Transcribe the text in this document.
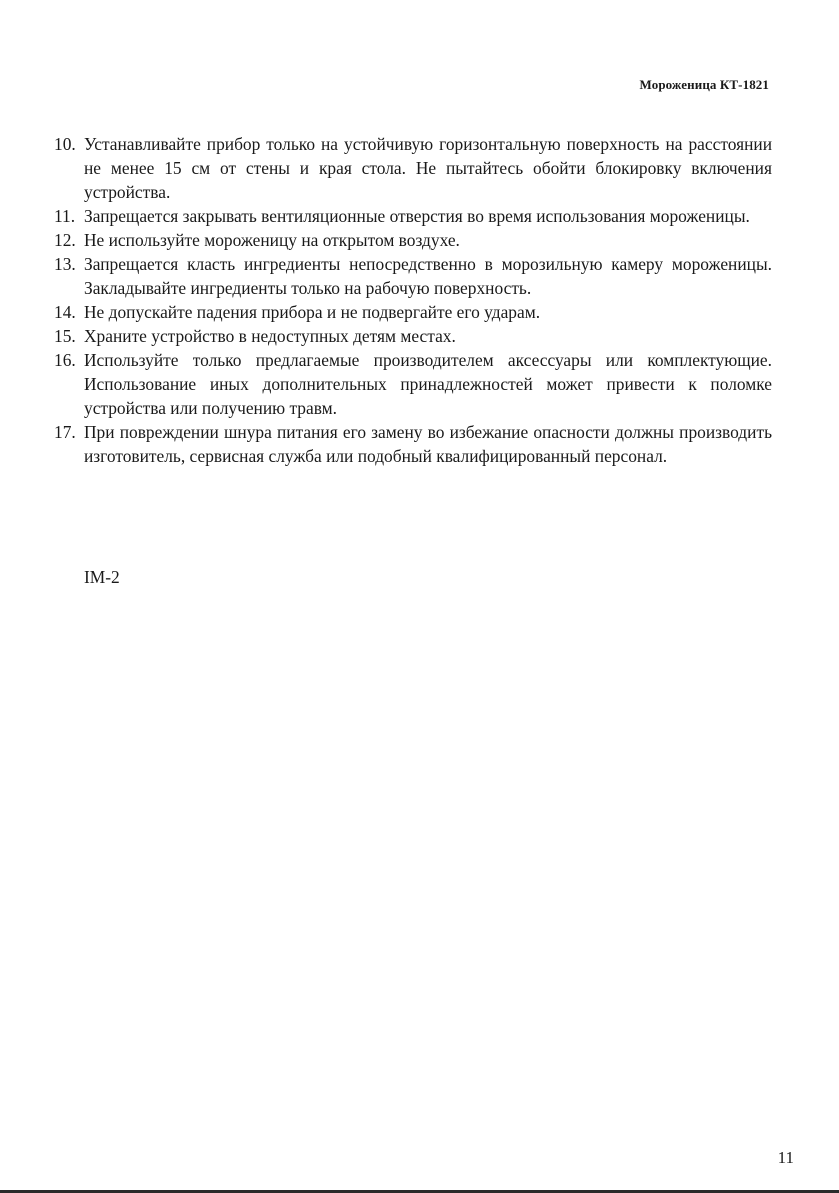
Мороженица КТ-1821
10. Устанавливайте прибор только на устойчивую горизонтальную поверхность на расстоянии не менее 15 см от стены и края стола. Не пытайтесь обойти блокировку включения устройства.
11. Запрещается закрывать вентиляционные отверстия во время использования мороженицы.
12. Не используйте мороженицу на открытом воздухе.
13. Запрещается класть ингредиенты непосредственно в морозильную камеру мороженицы. Закладывайте ингредиенты только на рабочую поверхность.
14. Не допускайте падения прибора и не подвергайте его ударам.
15. Храните устройство в недоступных детям местах.
16. Используйте только предлагаемые производителем аксессуары или комплектующие. Использование иных дополнительных принадлежностей может привести к поломке устройства или получению травм.
17. При повреждении шнура питания его замену во избежание опасности должны производить изготовитель, сервисная служба или подобный квалифицированный персонал.
IM-2
11
